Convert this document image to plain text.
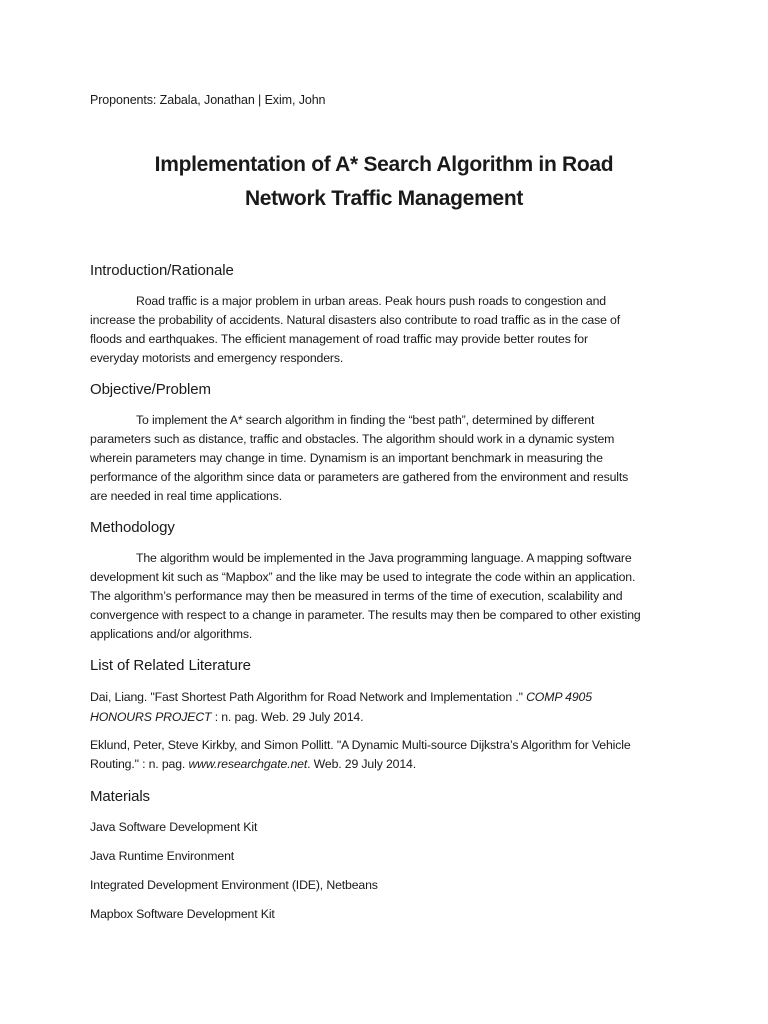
Proponents: Zabala, Jonathan | Exim, John
Implementation of A* Search Algorithm in Road
Network Traffic Management
Introduction/Rationale
Road traffic is a major problem in urban areas. Peak hours push roads to congestion and
increase the probability of accidents. Natural disasters also contribute to road traffic as in the case of
floods and earthquakes. The efficient management of road traffic may provide better routes for
everyday motorists and emergency responders.
Objective/Problem
To implement the A* search algorithm in finding the “best path”, determined by different
parameters such as distance, traffic and obstacles. The algorithm should work in a dynamic system
wherein parameters may change in time. Dynamism is an important benchmark in measuring the
performance of the algorithm since data or parameters are gathered from the environment and results
are needed in real time applications.
Methodology
The algorithm would be implemented in the Java programming language. A mapping software
development kit such as “Mapbox” and the like may be used to integrate the code within an application.
The algorithm’s performance may then be measured in terms of the time of execution, scalability and
convergence with respect to a change in parameter. The results may then be compared to other existing
applications and/or algorithms.
List of Related Literature
Dai, Liang. "Fast Shortest Path Algorithm for Road Network and Implementation ." COMP 4905
HONOURS PROJECT : n. pag. Web. 29 July 2014.
Eklund, Peter, Steve Kirkby, and Simon Pollitt. "A Dynamic Multi-source Dijkstra’s Algorithm for Vehicle
Routing." : n. pag. www.researchgate.net. Web. 29 July 2014.
Materials
Java Software Development Kit
Java Runtime Environment
Integrated Development Environment (IDE), Netbeans
Mapbox Software Development Kit
